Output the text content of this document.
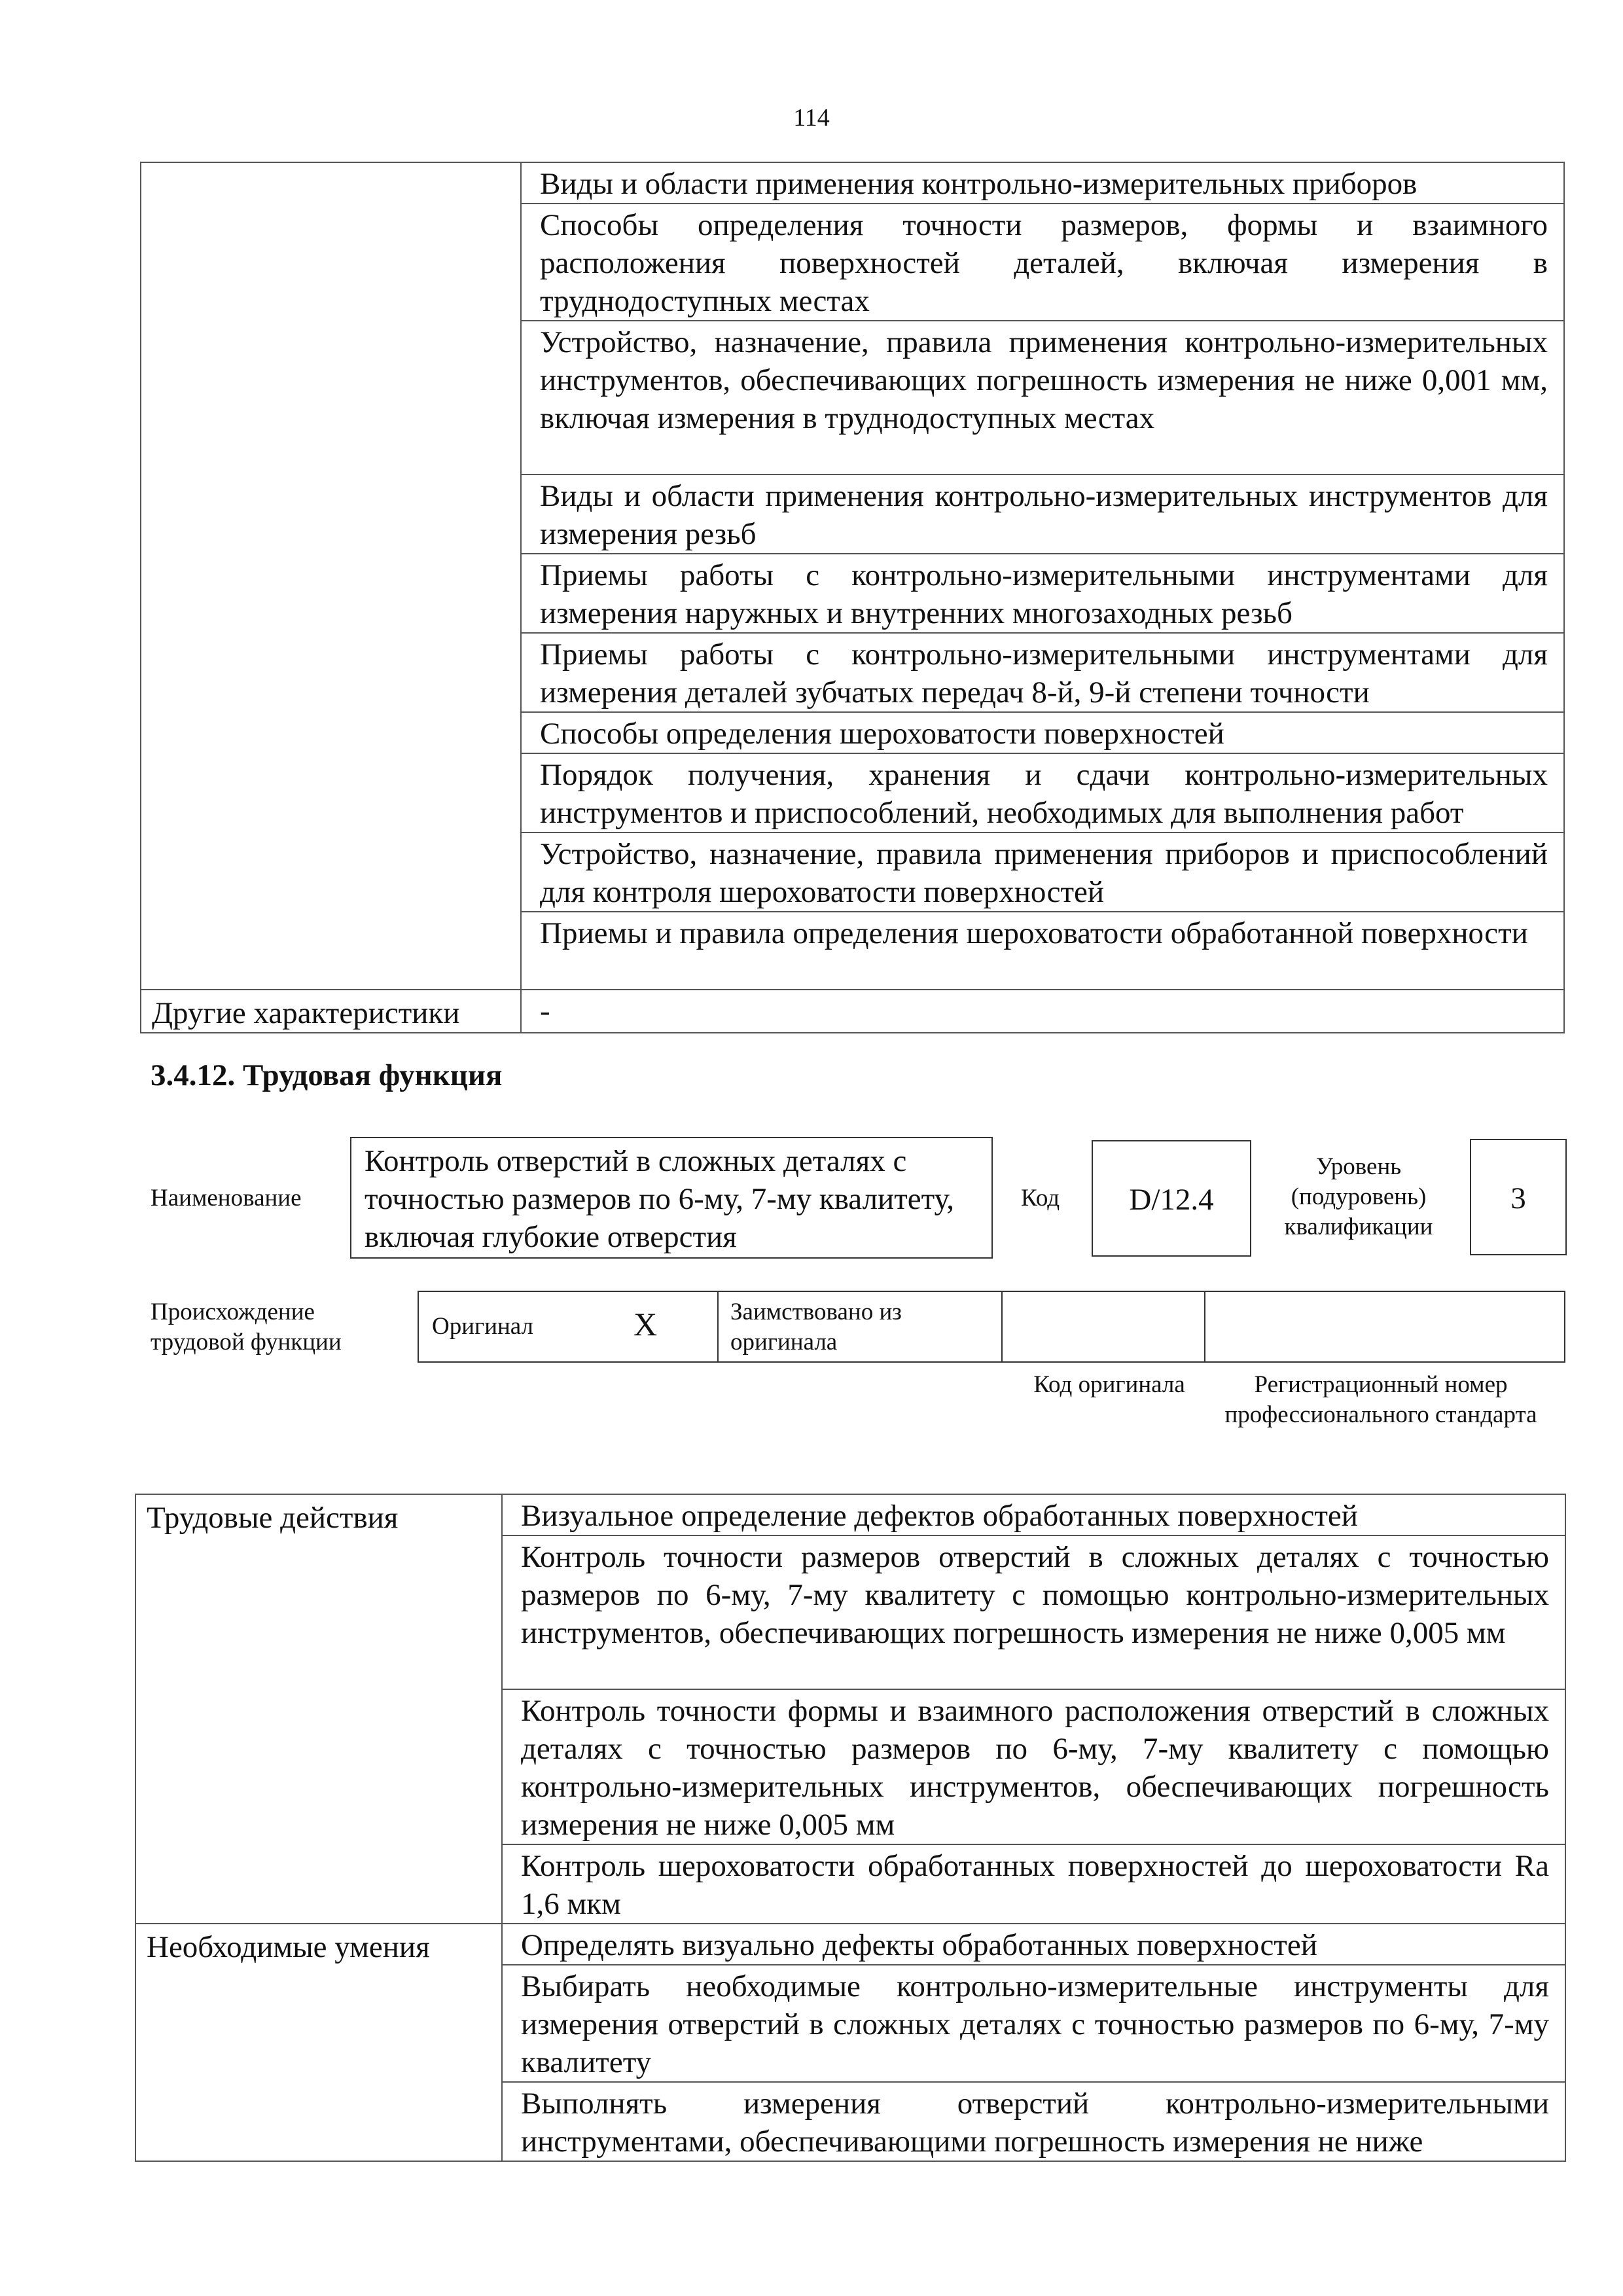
114
	Виды и области применения контрольно-измерительных приборов
	Способы определения точности размеров, формы и взаимного расположения поверхностей деталей, включая измерения в труднодоступных местах
	Устройство, назначение, правила применения контрольно-измерительных инструментов, обеспечивающих погрешность измерения не ниже 0,001 мм, включая измерения в труднодоступных местах
	Виды и области применения контрольно-измерительных инструментов для измерения резьб
	Приемы работы с контрольно-измерительными инструментами для измерения наружных и внутренних многозаходных резьб
	Приемы работы с контрольно-измерительными инструментами для измерения деталей зубчатых передач 8-й, 9-й степени точности
	Способы определения шероховатости поверхностей
	Порядок получения, хранения и сдачи контрольно-измерительных инструментов и приспособлений, необходимых для выполнения работ
	Устройство, назначение, правила применения приборов и приспособлений для контроля шероховатости поверхностей
	Приемы и правила определения шероховатости обработанной поверхности
Другие характеристики	-
3.4.12. Трудовая функция
Наименование
Контроль отверстий в сложных деталях с точностью размеров по 6-му, 7-му квалитету, включая глубокие отверстия
Код	D/12.4
Уровень (подуровень) квалификации
3
Происхождение трудовой функции
Оригинал	X	Заимствовано из оригинала
Код оригинала	Регистрационный номер профессионального стандарта
Трудовые действия	Визуальное определение дефектов обработанных поверхностей
	Контроль точности размеров отверстий в сложных деталях с точностью размеров по 6-му, 7-му квалитету с помощью контрольно-измерительных инструментов, обеспечивающих погрешность измерения не ниже 0,005 мм
	Контроль точности формы и взаимного расположения отверстий в сложных деталях с точностью размеров по 6-му, 7-му квалитету с помощью контрольно-измерительных инструментов, обеспечивающих погрешность измерения не ниже 0,005 мм
	Контроль шероховатости обработанных поверхностей до шероховатости Ra 1,6 мкм
Необходимые умения	Определять визуально дефекты обработанных поверхностей
	Выбирать необходимые контрольно-измерительные инструменты для измерения отверстий в сложных деталях с точностью размеров по 6-му, 7-му квалитету
	Выполнять измерения отверстий контрольно-измерительными инструментами, обеспечивающими погрешность измерения не ниже
